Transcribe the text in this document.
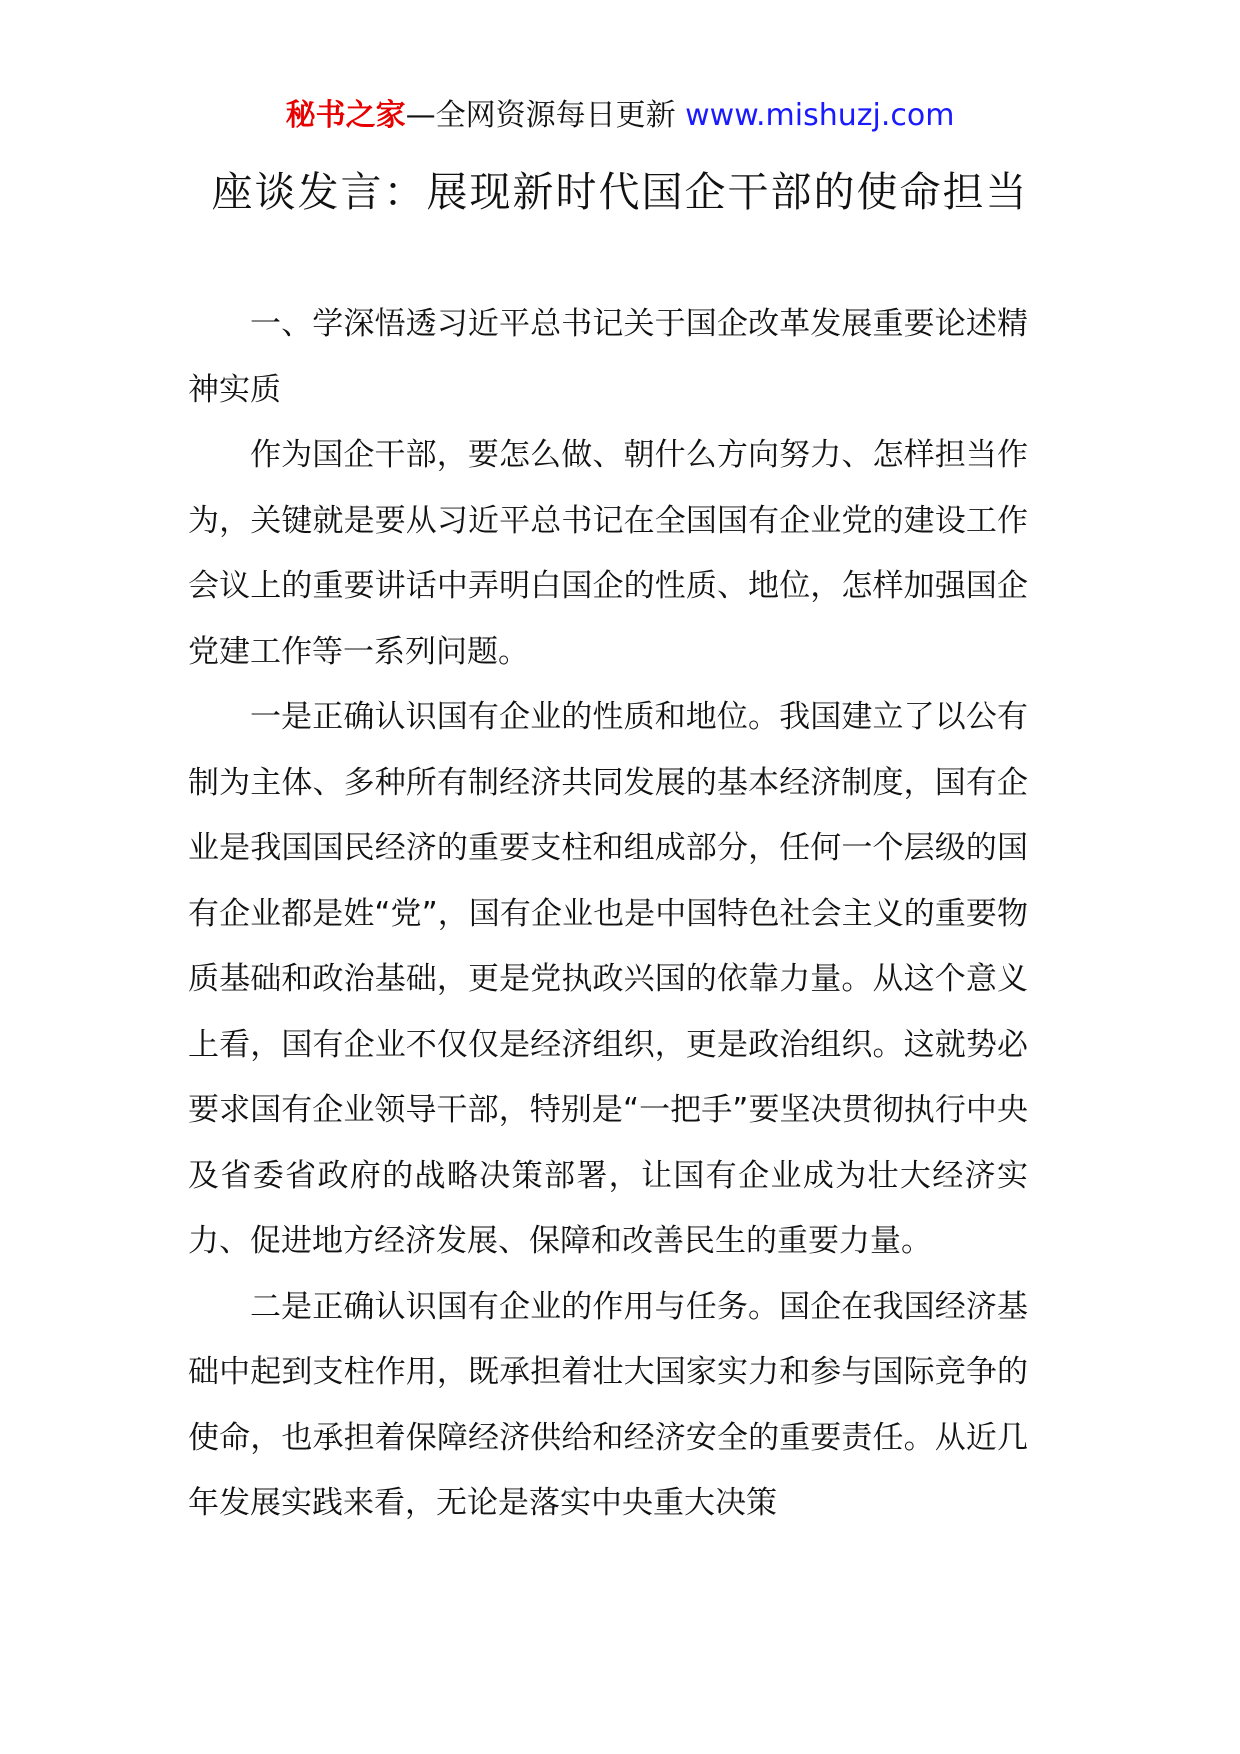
秘书之家—全网资源每日更新 www.mishuzj.com
座谈发言：展现新时代国企干部的使命担当

一、学深悟透习近平总书记关于国企改革发展重要论述精神实质

作为国企干部，要怎么做、朝什么方向努力、怎样担当作为，关键就是要从习近平总书记在全国国有企业党的建设工作会议上的重要讲话中弄明白国企的性质、地位，怎样加强国企党建工作等一系列问题。

一是正确认识国有企业的性质和地位。我国建立了以公有制为主体、多种所有制经济共同发展的基本经济制度，国有企业是我国国民经济的重要支柱和组成部分，任何一个层级的国有企业都是姓“党”，国有企业也是中国特色社会主义的重要物质基础和政治基础，更是党执政兴国的依靠力量。从这个意义上看，国有企业不仅仅是经济组织，更是政治组织。这就势必要求国有企业领导干部，特别是“一把手”要坚决贯彻执行中央及省委省政府的战略决策部署，让国有企业成为壮大经济实力、促进地方经济发展、保障和改善民生的重要力量。

二是正确认识国有企业的作用与任务。国企在我国经济基础中起到支柱作用，既承担着壮大国家实力和参与国际竞争的使命，也承担着保障经济供给和经济安全的重要责任。从近几年发展实践来看，无论是落实中央重大决策
